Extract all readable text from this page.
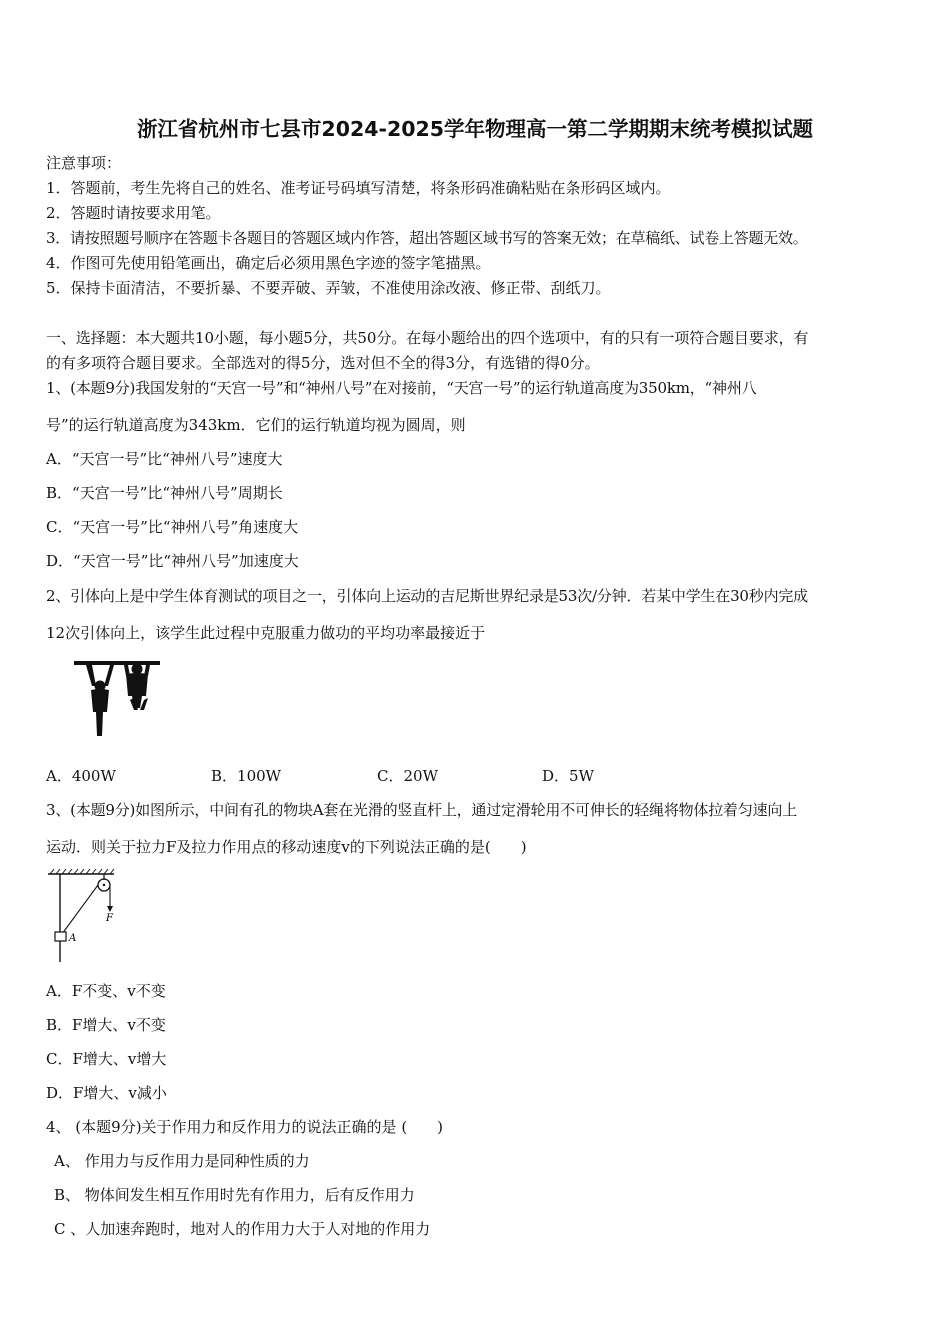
浙江省杭州市七县市2024-2025学年物理高一第二学期期末统考模拟试题
注意事项：
1．答题前，考生先将自己的姓名、准考证号码填写清楚，将条形码准确粘贴在条形码区域内。
2．答题时请按要求用笔。
3．请按照题号顺序在答题卡各题目的答题区域内作答，超出答题区域书写的答案无效；在草稿纸、试卷上答题无效。
4．作图可先使用铅笔画出，确定后必须用黑色字迹的签字笔描黑。
5．保持卡面清洁，不要折暴、不要弄破、弄皱，不准使用涂改液、修正带、刮纸刀。
一、选择题：本大题共10小题，每小题5分，共50分。在每小题给出的四个选项中，有的只有一项符合题目要求，有
的有多项符合题目要求。全部选对的得5分，选对但不全的得3分，有选错的得0分。
1、(本题9分)我国发射的“天宫一号”和“神州八号”在对接前，“天宫一号”的运行轨道高度为350km，“神州八
号”的运行轨道高度为343km．它们的运行轨道均视为圆周，则
A．“天宫一号”比“神州八号”速度大
B．“天宫一号”比“神州八号”周期长
C．“天宫一号”比“神州八号”角速度大
D．“天宫一号”比“神州八号”加速度大
2、引体向上是中学生体育测试的项目之一，引体向上运动的吉尼斯世界纪录是53次/分钟．若某中学生在30秒内完成
12次引体向上，该学生此过程中克服重力做功的平均功率最接近于
A．400W	B．100W	C．20W	D．5W
3、(本题9分)如图所示，中间有孔的物块A套在光滑的竖直杆上，通过定滑轮用不可伸长的轻绳将物体拉着匀速向上
运动．则关于拉力F及拉力作用点的移动速度v的下列说法正确的是(　　)
F
A
A．F不变、v不变
B．F增大、v不变
C．F增大、v增大
D．F增大、v减小
4、 (本题9分)关于作用力和反作用力的说法正确的是 (　　)
A、 作用力与反作用力是同种性质的力
B、 物体间发生相互作用时先有作用力，后有反作用力
C 、人加速奔跑时，地对人的作用力大于人对地的作用力
